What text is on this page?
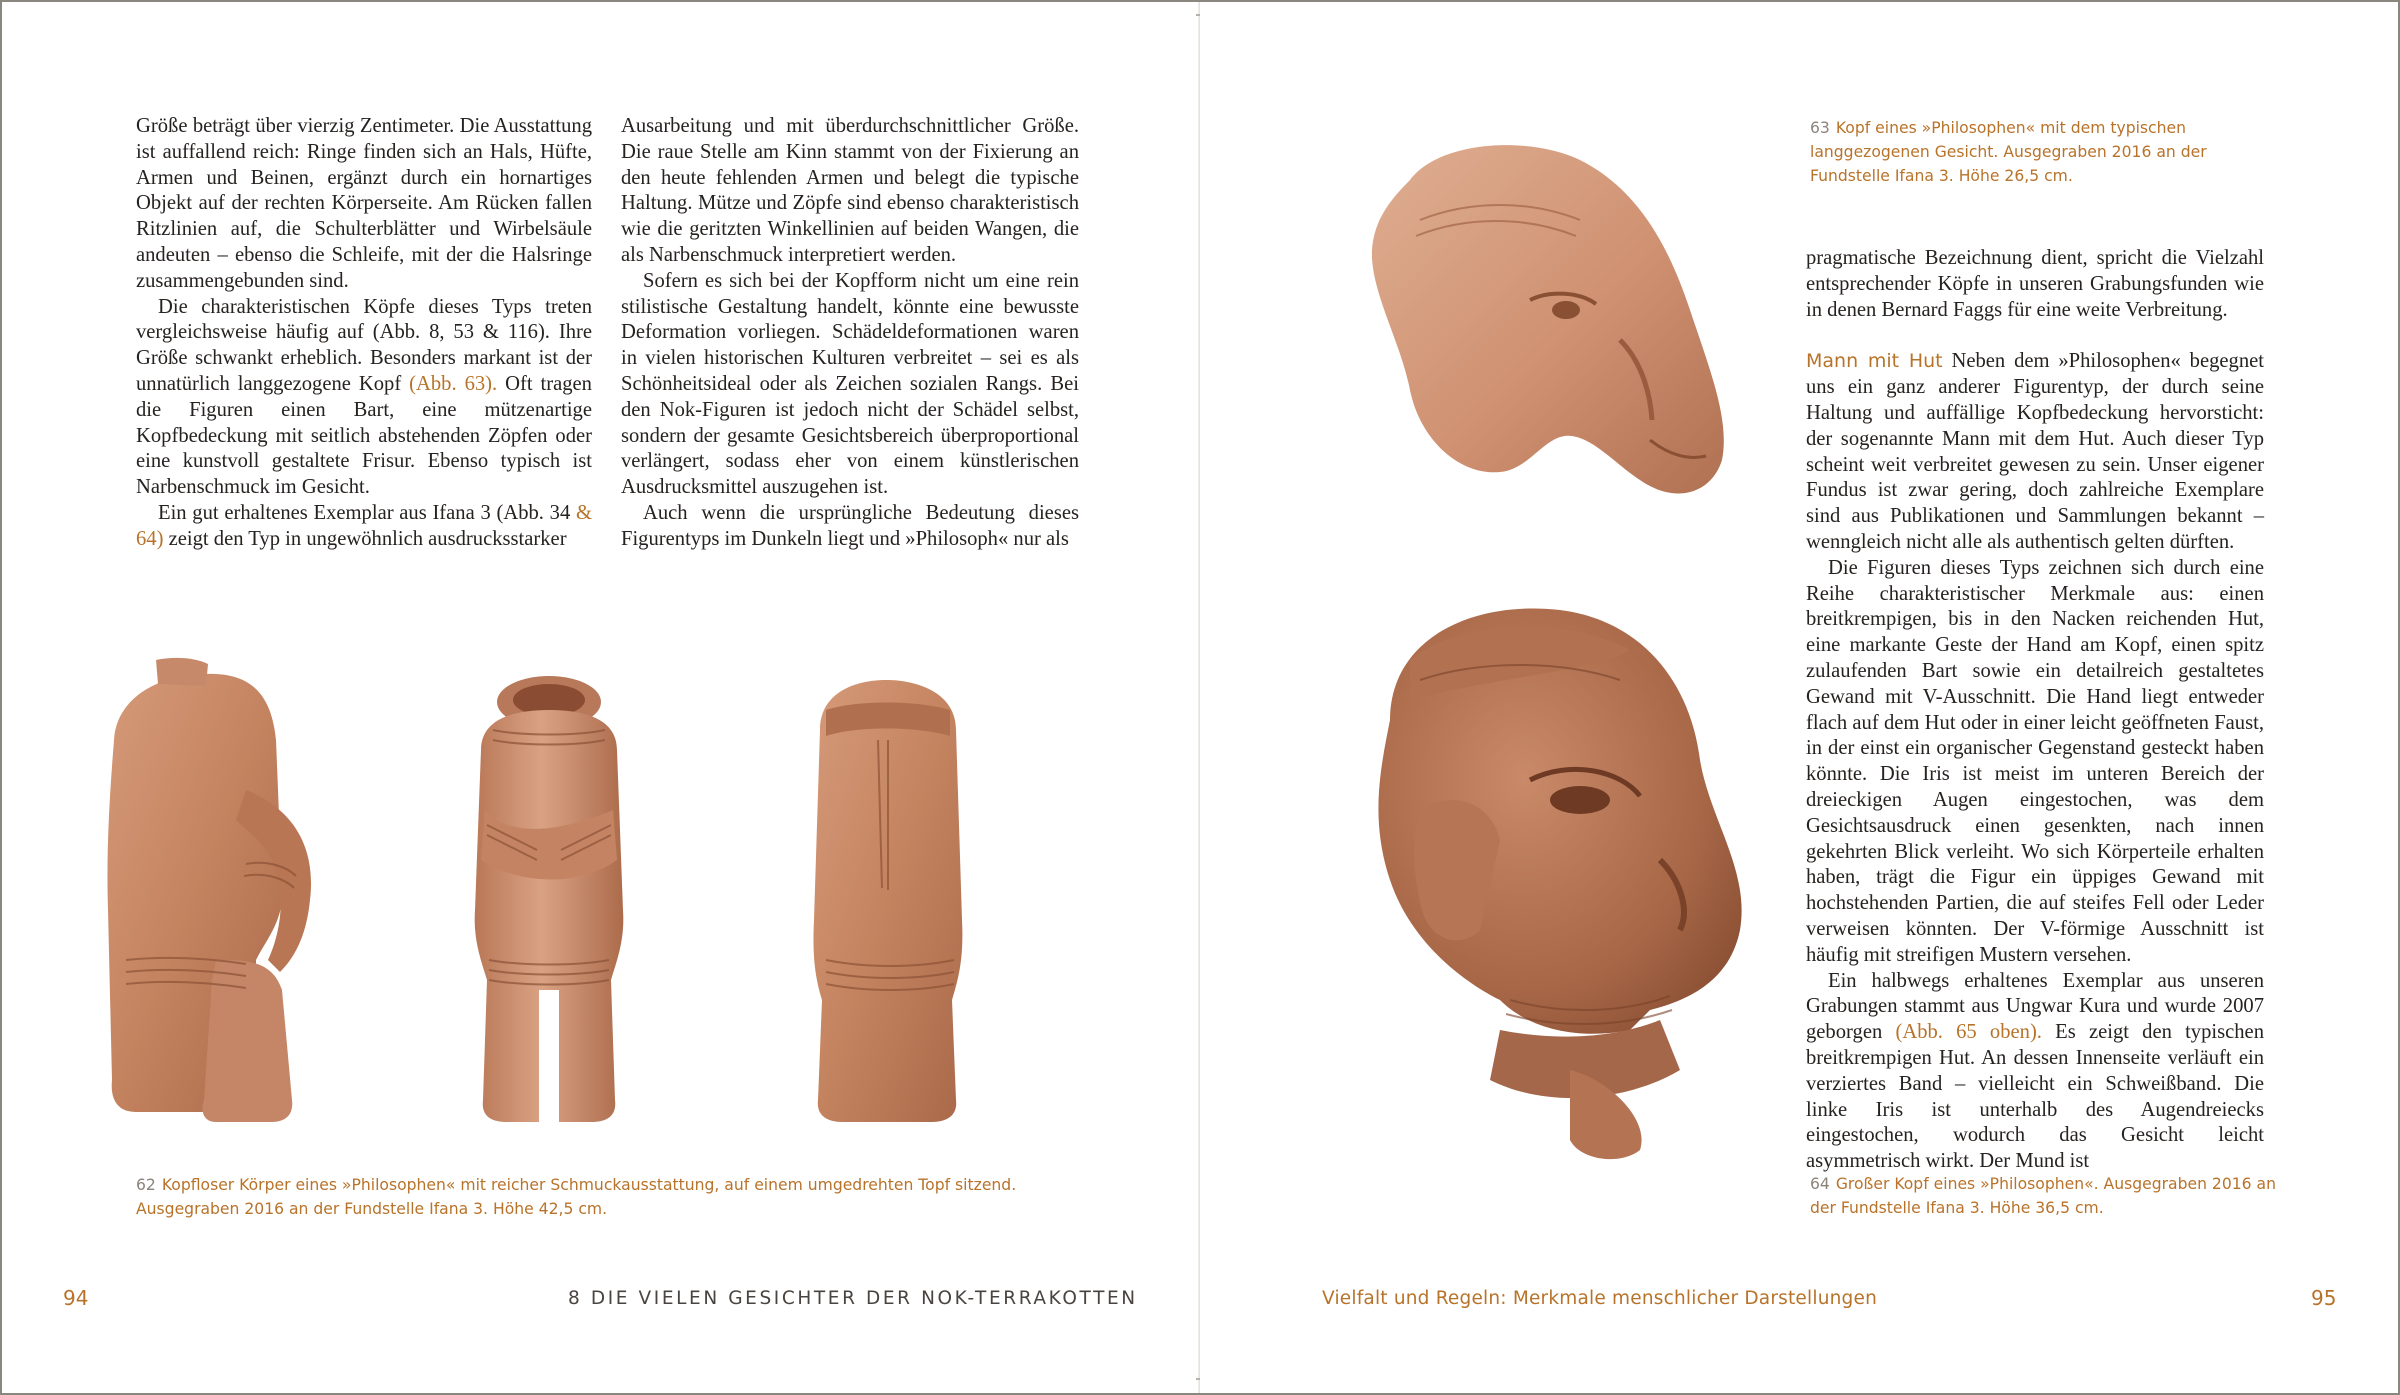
Größe beträgt über vierzig Zentimeter. Die Ausstattung ist auffallend reich: Ringe finden sich an Hals, Hüfte, Armen und Beinen, ergänzt durch ein hornartiges Objekt auf der rechten Körperseite. Am Rücken fallen Ritzlinien auf, die Schulterblätter und Wirbelsäule andeuten – ebenso die Schleife, mit der die Halsringe zusammengebunden sind.

Die charakteristischen Köpfe dieses Typs treten vergleichsweise häufig auf (Abb. 8, 53 & 116). Ihre Größe schwankt erheblich. Besonders markant ist der unnatürlich langgezogene Kopf (Abb. 63). Oft tragen die Figuren einen Bart, eine mützenartige Kopfbedeckung mit seitlich abstehenden Zöpfen oder eine kunstvoll gestaltete Frisur. Ebenso typisch ist Narbenschmuck im Gesicht.

Ein gut erhaltenes Exemplar aus Ifana 3 (Abb. 34 & 64) zeigt den Typ in ungewöhnlich ausdrucksstarker

Ausarbeitung und mit überdurchschnittlicher Größe. Die raue Stelle am Kinn stammt von der Fixierung an den heute fehlenden Armen und belegt die typische Haltung. Mütze und Zöpfe sind ebenso charakteristisch wie die geritzten Winkellinien auf beiden Wangen, die als Narbenschmuck interpretiert werden.

Sofern es sich bei der Kopfform nicht um eine rein stilistische Gestaltung handelt, könnte eine bewusste Deformation vorliegen. Schädeldeformationen waren in vielen historischen Kulturen verbreitet – sei es als Schönheitsideal oder als Zeichen sozialen Rangs. Bei den Nok-Figuren ist jedoch nicht der Schädel selbst, sondern der gesamte Gesichtsbereich überproportional verlängert, sodass eher von einem künstlerischen Ausdrucksmittel auszugehen ist.

Auch wenn die ursprüngliche Bedeutung dieses Figurentyps im Dunkeln liegt und »Philosoph« nur als

62 Kopfloser Körper eines »Philosophen« mit reicher Schmuckausstattung, auf einem umgedrehten Topf sitzend. Ausgegraben 2016 an der Fundstelle Ifana 3. Höhe 42,5 cm.
94	8 DIE VIELEN GESICHTER DER NOK-TERRAKOTTEN
63 Kopf eines »Philosophen« mit dem typischen langgezogenen Gesicht. Ausgegraben 2016 an der Fundstelle Ifana 3. Höhe 26,5 cm.

pragmatische Bezeichnung dient, spricht die Vielzahl entsprechender Köpfe in unseren Grabungsfunden wie in denen Bernard Faggs für eine weite Verbreitung.

Mann mit Hut Neben dem »Philosophen« begegnet uns ein ganz anderer Figurentyp, der durch seine Haltung und auffällige Kopfbedeckung hervorsticht: der sogenannte Mann mit dem Hut. Auch dieser Typ scheint weit verbreitet gewesen zu sein. Unser eigener Fundus ist zwar gering, doch zahlreiche Exemplare sind aus Publikationen und Sammlungen bekannt – wenngleich nicht alle als authentisch gelten dürften.

Die Figuren dieses Typs zeichnen sich durch eine Reihe charakteristischer Merkmale aus: einen breitkrempigen, bis in den Nacken reichenden Hut, eine markante Geste der Hand am Kopf, einen spitz zulaufenden Bart sowie ein detailreich gestaltetes Gewand mit V-Ausschnitt. Die Hand liegt entweder flach auf dem Hut oder in einer leicht geöffneten Faust, in der einst ein organischer Gegenstand gesteckt haben könnte. Die Iris ist meist im unteren Bereich der dreieckigen Augen eingestochen, was dem Gesichtsausdruck einen gesenkten, nach innen gekehrten Blick verleiht. Wo sich Körperteile erhalten haben, trägt die Figur ein üppiges Gewand mit hochstehenden Partien, die auf steifes Fell oder Leder verweisen könnten. Der V-förmige Ausschnitt ist häufig mit streifigen Mustern versehen.

Ein halbwegs erhaltenes Exemplar aus unseren Grabungen stammt aus Ungwar Kura und wurde 2007 geborgen (Abb. 65 oben). Es zeigt den typischen breitkrempigen Hut. An dessen Innenseite verläuft ein verziertes Band – vielleicht ein Schweißband. Die linke Iris ist unterhalb des Augendreiecks eingestochen, wodurch das Gesicht leicht asymmetrisch wirkt. Der Mund ist

64 Großer Kopf eines »Philosophen«. Ausgegraben 2016 an der Fundstelle Ifana 3. Höhe 36,5 cm.
Vielfalt und Regeln: Merkmale menschlicher Darstellungen	95
